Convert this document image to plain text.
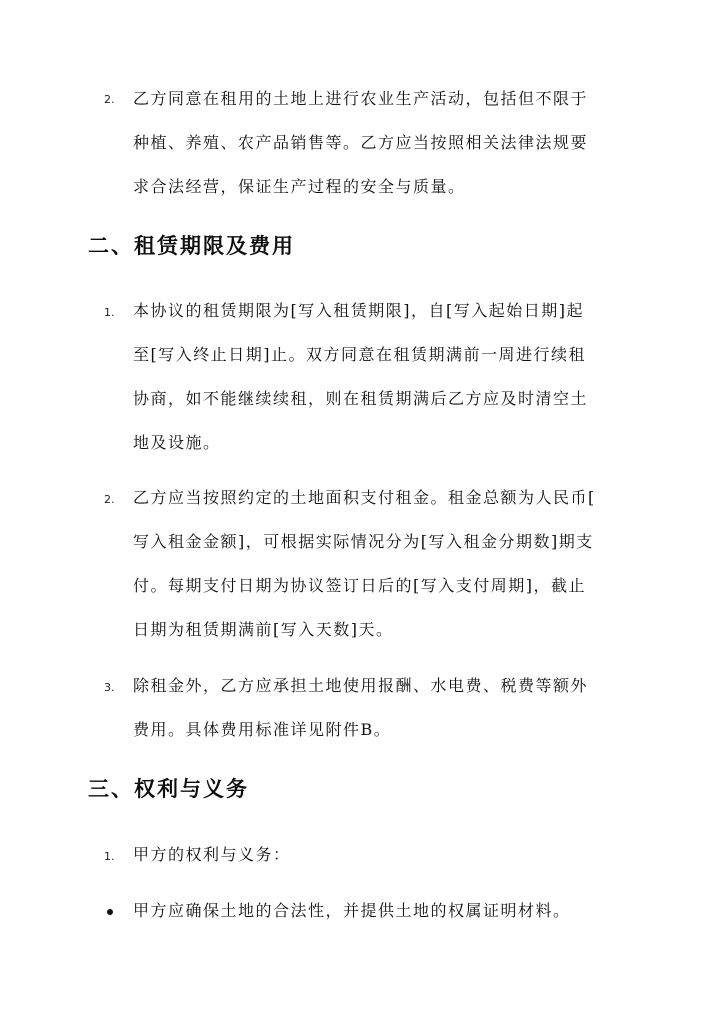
2. 乙方同意在租用的土地上进行农业生产活动，包括但不限于
种植、养殖、农产品销售等。乙方应当按照相关法律法规要
求合法经营，保证生产过程的安全与质量。
二、租赁期限及费用
1. 本协议的租赁期限为[写入租赁期限]，自[写入起始日期]起
至[写入终止日期]止。双方同意在租赁期满前一周进行续租
协商，如不能继续续租，则在租赁期满后乙方应及时清空土
地及设施。
2. 乙方应当按照约定的土地面积支付租金。租金总额为人民币[
写入租金金额]，可根据实际情况分为[写入租金分期数]期支
付。每期支付日期为协议签订日后的[写入支付周期]，截止
日期为租赁期满前[写入天数]天。
3. 除租金外，乙方应承担土地使用报酬、水电费、税费等额外
费用。具体费用标准详见附件B。
三、权利与义务
1. 甲方的权利与义务：
甲方应确保土地的合法性，并提供土地的权属证明材料。
